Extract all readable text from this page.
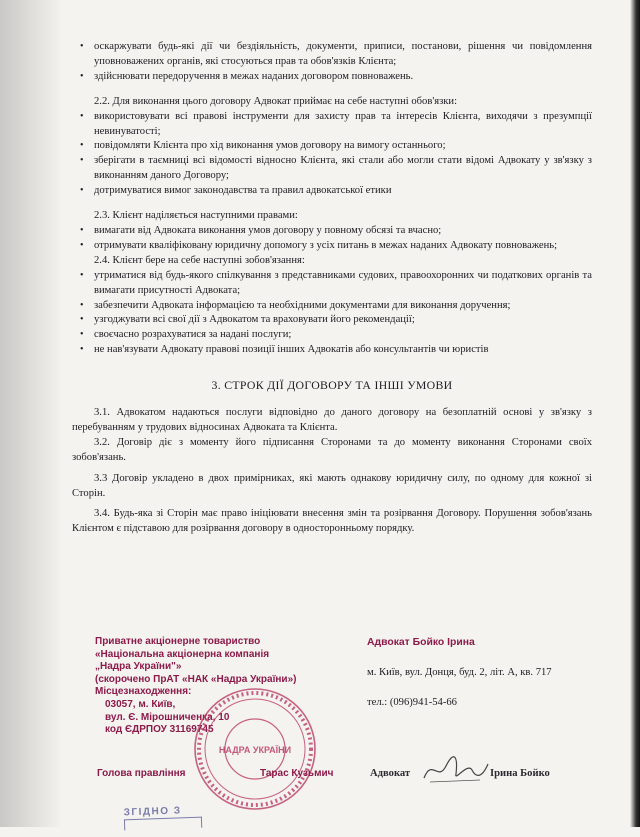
• оскаржувати будь-які дії чи бездіяльність, документи, приписи, постанови, рішення чи повідомлення уповноважених органів, які стосуються прав та обов'язків Клієнта;

• здійснювати передоручення в межах наданих договором повноважень.

2.2. Для виконання цього договору Адвокат приймає на себе наступні обов'язки:

• використовувати всі правові інструменти для захисту прав та інтересів Клієнта, виходячи з презумпції невинуватості;

• повідомляти Клієнта про хід виконання умов договору на вимогу останнього;

• зберігати в таємниці всі відомості відносно Клієнта, які стали або могли стати відомі Адвокату у зв'язку з виконанням даного Договору;

• дотримуватися вимог законодавства та правил адвокатської етики

2.3. Клієнт наділяється наступними правами:

• вимагати від Адвоката виконання умов договору у повному обсязі та вчасно;

• отримувати кваліфіковану юридичну допомогу з усіх питань в межах наданих Адвокату повноважень;

2.4. Клієнт бере на себе наступні зобов'язання:

• утриматися від будь-якого спілкування з представниками судових, правоохоронних чи податкових органів та вимагати присутності Адвоката;

• забезпечити Адвоката інформацією та необхідними документами для виконання доручення;

• узгоджувати всі свої дії з Адвокатом та враховувати його рекомендації;

• своєчасно розрахуватися за надані послуги;

• не нав'язувати Адвокату правові позиції інших Адвокатів або консультантів чи юристів

3. СТРОК ДІЇ ДОГОВОРУ ТА ІНШІ УМОВИ

3.1. Адвокатом надаються послуги відповідно до даного договору на безоплатній основі у зв'язку з перебуванням у трудових відносинах Адвоката та Клієнта.

3.2. Договір діє з моменту його підписання Сторонами та до моменту виконання Сторонами своїх зобов'язань.

3.3 Договір укладено в двох примірниках, які мають однакову юридичну силу, по одному для кожної зі Сторін.

3.4. Будь-яка зі Сторін має право ініціювати внесення змін та розірвання Договору. Порушення зобов'язань Клієнтом є підставою для розірвання договору в односторонньому порядку.

Приватне акціонерне товариство
«Національна акціонерна компанія
„Надра України"»
(скорочено ПрАТ «НАК «Надра України»)
Місцезнаходження:
03057, м. Київ,
вул. Є. Мірошниченка, 10
код ЄДРПОУ 31169745
Адвокат Бойко Ірина
м. Київ, вул. Донця, буд. 2, літ. А, кв. 717
тел.: (096)941-54-66
НАДРА УКРАЇНИ
Голова правління	Тарас Кузьмич	Адвокат	Ірина Бойко
ЗГІДНО З
